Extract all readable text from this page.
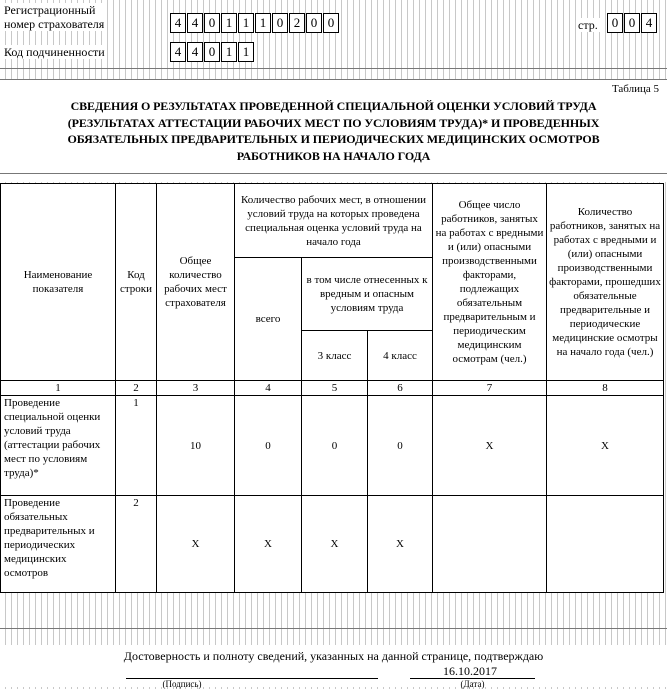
Регистрационный
номер страхователя	4 4 0 1 1 1 0 2 0 0	стр.	0 0 4
Код подчиненности	4 4 0 1 1
Таблица 5
СВЕДЕНИЯ О РЕЗУЛЬТАТАХ ПРОВЕДЕННОЙ СПЕЦИАЛЬНОЙ ОЦЕНКИ УСЛОВИЙ ТРУДА
(РЕЗУЛЬТАТАХ АТТЕСТАЦИИ РАБОЧИХ МЕСТ ПО УСЛОВИЯМ ТРУДА)* И ПРОВЕДЕННЫХ
ОБЯЗАТЕЛЬНЫХ ПРЕДВАРИТЕЛЬНЫХ И ПЕРИОДИЧЕСКИХ МЕДИЦИНСКИХ ОСМОТРОВ
РАБОТНИКОВ НА НАЧАЛО ГОДА
Наименование показателя	Код строки	Общее количество рабочих мест страхователя	Количество рабочих мест, в отношении условий труда на которых проведена специальная оценка условий труда на начало года			Общее число работников, занятых на работах с вредными и (или) опасными производственными факторами, подлежащих обязательным предварительным и периодическим медицинским осмотрам (чел.)	Количество работников, занятых на работах с вредными и (или) опасными производственными факторами, прошедших обязательные предварительные и периодические медицинские осмотры на начало года (чел.)
			всего	в том числе отнесенных к вредным и опасным условиям труда			
				3 класс	4 класс		
1	2	3	4	5	6	7	8
Проведение специальной оценки условий труда (аттестации рабочих мест по условиям труда)*	1	10	0	0	0	X	X
Проведение обязательных предварительных и периодических медицинских осмотров	2	X	X	X	X		
Достоверность и полноту сведений, указанных на данной странице, подтверждаю
16.10.2017
(Подпись)	(Дата)
